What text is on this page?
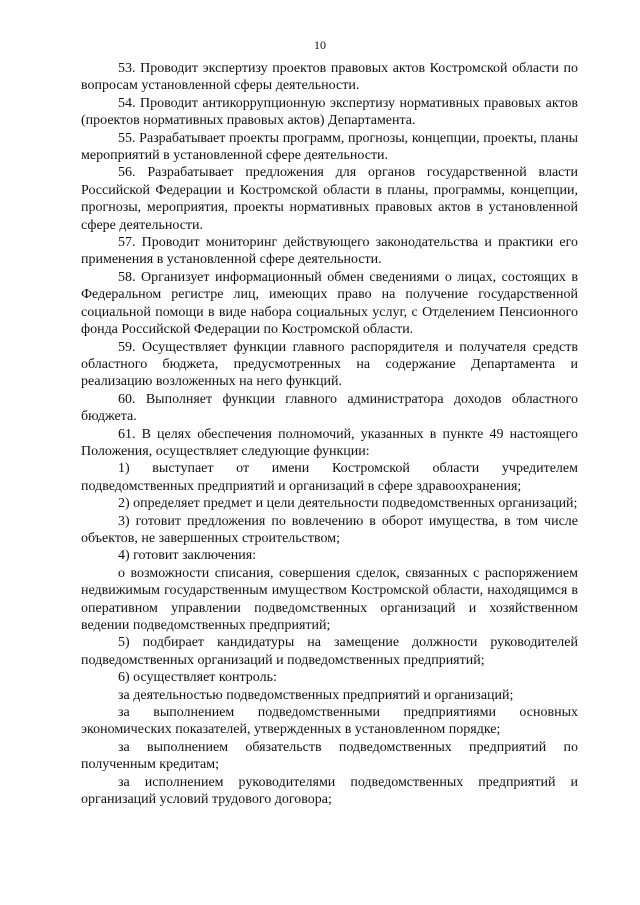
10

53. Проводит экспертизу проектов правовых актов Костромской области по вопросам установленной сферы деятельности.

54. Проводит антикоррупционную экспертизу нормативных правовых актов (проектов нормативных правовых актов) Департамента.

55. Разрабатывает проекты программ, прогнозы, концепции, проекты, планы мероприятий в установленной сфере деятельности.

56. Разрабатывает предложения для органов государственной власти Российской Федерации и Костромской области в планы, программы, концепции, прогнозы, мероприятия, проекты нормативных правовых актов в установленной сфере деятельности.

57. Проводит мониторинг действующего законодательства и практики его применения в установленной сфере деятельности.

58. Организует информационный обмен сведениями о лицах, состоящих в Федеральном регистре лиц, имеющих право на получение государственной социальной помощи в виде набора социальных услуг, с Отделением Пенсионного фонда Российской Федерации по Костромской области.

59. Осуществляет функции главного распорядителя и получателя средств областного бюджета, предусмотренных на содержание Департамента и реализацию возложенных на него функций.

60. Выполняет функции главного администратора доходов областного бюджета.

61. В целях обеспечения полномочий, указанных в пункте 49 настоящего Положения, осуществляет следующие функции:

1) выступает от имени Костромской области учредителем подведомственных предприятий и организаций в сфере здравоохранения;

2) определяет предмет и цели деятельности подведомственных организаций;

3) готовит предложения по вовлечению в оборот имущества, в том числе объектов, не завершенных строительством;

4) готовит заключения:

о возможности списания, совершения сделок, связанных с распоряжением недвижимым государственным имуществом Костромской области, находящимся в оперативном управлении подведомственных организаций и хозяйственном ведении подведомственных предприятий;

5) подбирает кандидатуры на замещение должности руководителей подведомственных организаций и подведомственных предприятий;

6) осуществляет контроль:

за деятельностью подведомственных предприятий и организаций;

за выполнением подведомственными предприятиями основных экономических показателей, утвержденных в установленном порядке;

за выполнением обязательств подведомственных предприятий по полученным кредитам;

за исполнением руководителями подведомственных предприятий и организаций условий трудового договора;
